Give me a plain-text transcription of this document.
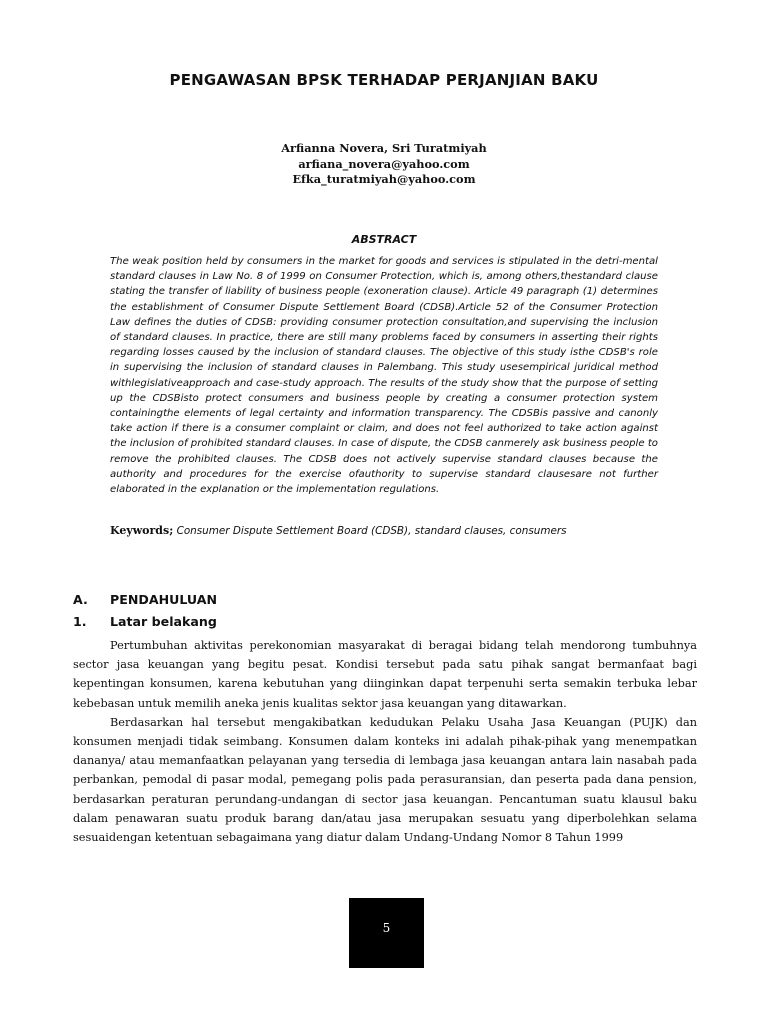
PENGAWASAN BPSK TERHADAP PERJANJIAN BAKU
Arfianna Novera, Sri Turatmiyah
arfiana_novera@yahoo.com
Efka_turatmiyah@yahoo.com
ABSTRACT
The weak position held by consumers in the market for goods and services is stipulated in the detri-mental standard clauses in Law No. 8 of 1999 on Consumer Protection, which is, among others,thestandard clause stating the transfer of liability of business people (exoneration clause). Article 49 paragraph (1) determines the establishment of Consumer Dispute Settlement Board (CDSB).Article 52 of the Consumer Protection Law defines the duties of CDSB: providing consumer protection consultation,and supervising the inclusion of standard clauses. In practice, there are still many problems faced by consumers in asserting their rights regarding losses caused by the inclusion of standard clauses. The objective of this study isthe CDSB's role in supervising the inclusion of standard clauses in Palembang. This study usesempirical juridical method withlegislativeapproach and case-study approach. The results of the study show that the purpose of setting up the CDSBisto protect consumers and business people by creating a consumer protection system containingthe elements of legal certainty and information transparency. The CDSBis passive and canonly take action if there is a consumer complaint or claim, and does not feel authorized to take action against the inclusion of prohibited standard clauses. In case of dispute, the CDSB canmerely ask business people to remove the prohibited clauses. The CDSB does not actively supervise standard clauses because the authority and procedures for the exercise ofauthority to supervise standard clausesare not further elaborated in the explanation or the implementation regulations.
Keywords; Consumer Dispute Settlement Board (CDSB), standard clauses, consumers
A. PENDAHULUAN
1. Latar belakang

Pertumbuhan aktivitas perekonomian masyarakat di beragai bidang telah mendorong tumbuhnya sector jasa keuangan yang begitu pesat. Kondisi tersebut pada satu pihak sangat bermanfaat bagi kepentingan konsumen, karena kebutuhan yang diinginkan dapat terpenuhi serta semakin terbuka lebar kebebasan untuk memilih aneka jenis kualitas sektor jasa keuangan yang ditawarkan.

Berdasarkan hal tersebut mengakibatkan kedudukan Pelaku Usaha Jasa Keuangan (PUJK) dan konsumen menjadi tidak seimbang. Konsumen dalam konteks ini adalah pihak-pihak yang menempatkan dananya/ atau memanfaatkan pelayanan yang tersedia di lembaga jasa keuangan antara lain nasabah pada perbankan, pemodal di pasar modal, pemegang polis pada perasuransian, dan peserta pada dana pension, berdasarkan peraturan perundang-undangan di sector jasa keuangan. Pencantuman suatu klausul baku dalam penawaran suatu produk barang dan/atau jasa merupakan sesuatu yang diperbolehkan selama sesuaidengan ketentuan sebagaimana yang diatur dalam Undang-Undang Nomor 8 Tahun 1999

5
